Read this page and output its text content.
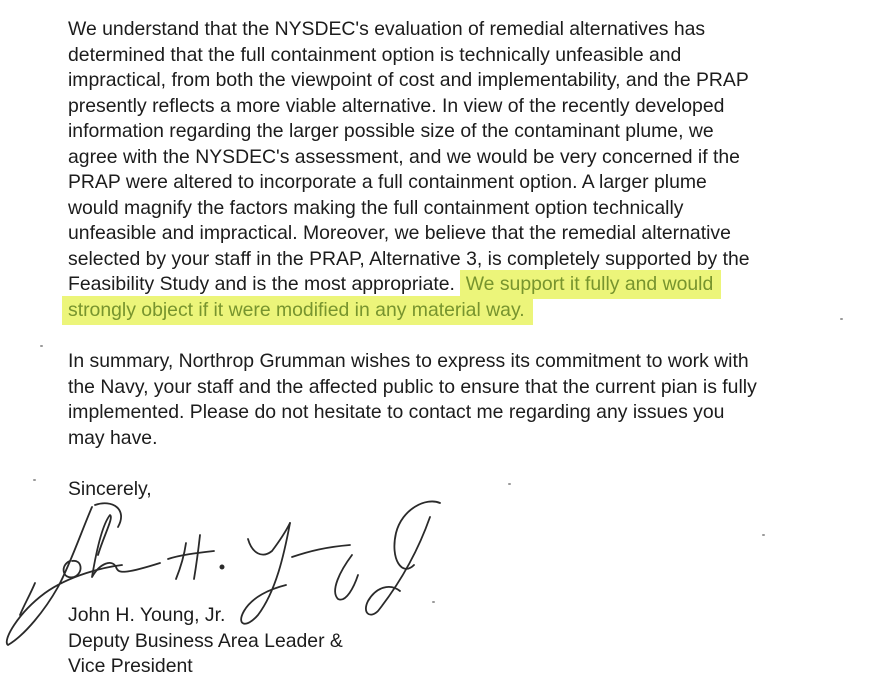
We understand that the NYSDEC's evaluation of remedial alternatives has
determined that the full containment option is technically unfeasible and
impractical, from both the viewpoint of cost and implementability, and the PRAP
presently reflects a more viable alternative. In view of the recently developed
information regarding the larger possible size of the contaminant plume, we
agree with the NYSDEC's assessment, and we would be very concerned if the
PRAP were altered to incorporate a full containment option. A larger plume
would magnify the factors making the full containment option technically
unfeasible and impractical. Moreover, we believe that the remedial alternative
selected by your staff in the PRAP, Alternative 3, is completely supported by the
Feasibility Study and is the most appropriate. We support it fully and would
strongly object if it were modified in any material way.
In summary, Northrop Grumman wishes to express its commitment to work with
the Navy, your staff and the affected public to ensure that the current pian is fully
implemented. Please do not hesitate to contact me regarding any issues you
may have.
Sincerely,
John H. Young, Jr.
Deputy Business Area Leader &
Vice President
